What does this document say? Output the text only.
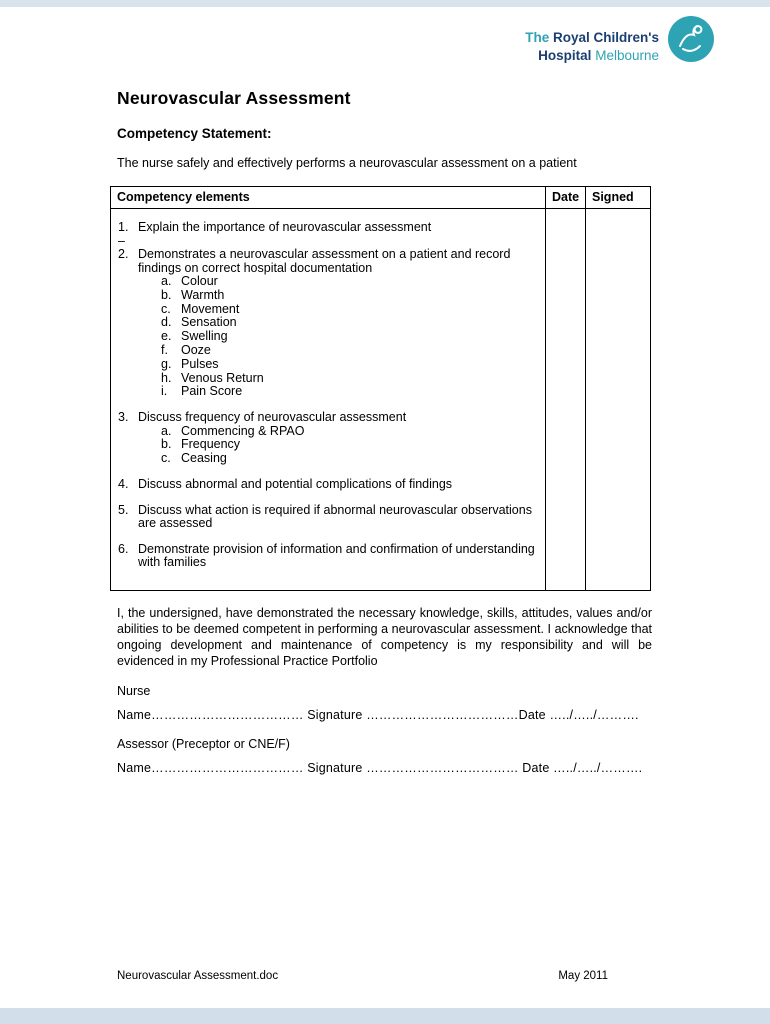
The Royal Children's
Hospital Melbourne
Neurovascular Assessment
Competency Statement:

The nurse safely and effectively performs a neurovascular assessment on a patient

Competency elements	Date	Signed

Explain the importance of neurovascular assessment
–
Demonstrates a neurovascular assessment on a patient and record findings on correct hospital documentation
Colour
Warmth
Movement
Sensation
Swelling
Ooze
Pulses
Venous Return
Pain Score
Discuss frequency of neurovascular assessment
Commencing & RPAO
Frequency
Ceasing
Discuss abnormal and potential complications of findings
Discuss what action is required if abnormal neurovascular observations are assessed
Demonstrate provision of information and confirmation of understanding with families

I, the undersigned, have demonstrated the necessary knowledge, skills, attitudes, values and/or abilities to be deemed competent in performing a neurovascular assessment. I acknowledge that ongoing development and maintenance of competency is my responsibility and will be evidenced in my Professional Practice Portfolio

Nurse

Name……………………………… Signature ………………………………Date …../…../……….

Assessor (Preceptor or CNE/F)

Name……………………………… Signature ……………………………… Date …../…../……….

Neurovascular Assessment.doc	May 2011
